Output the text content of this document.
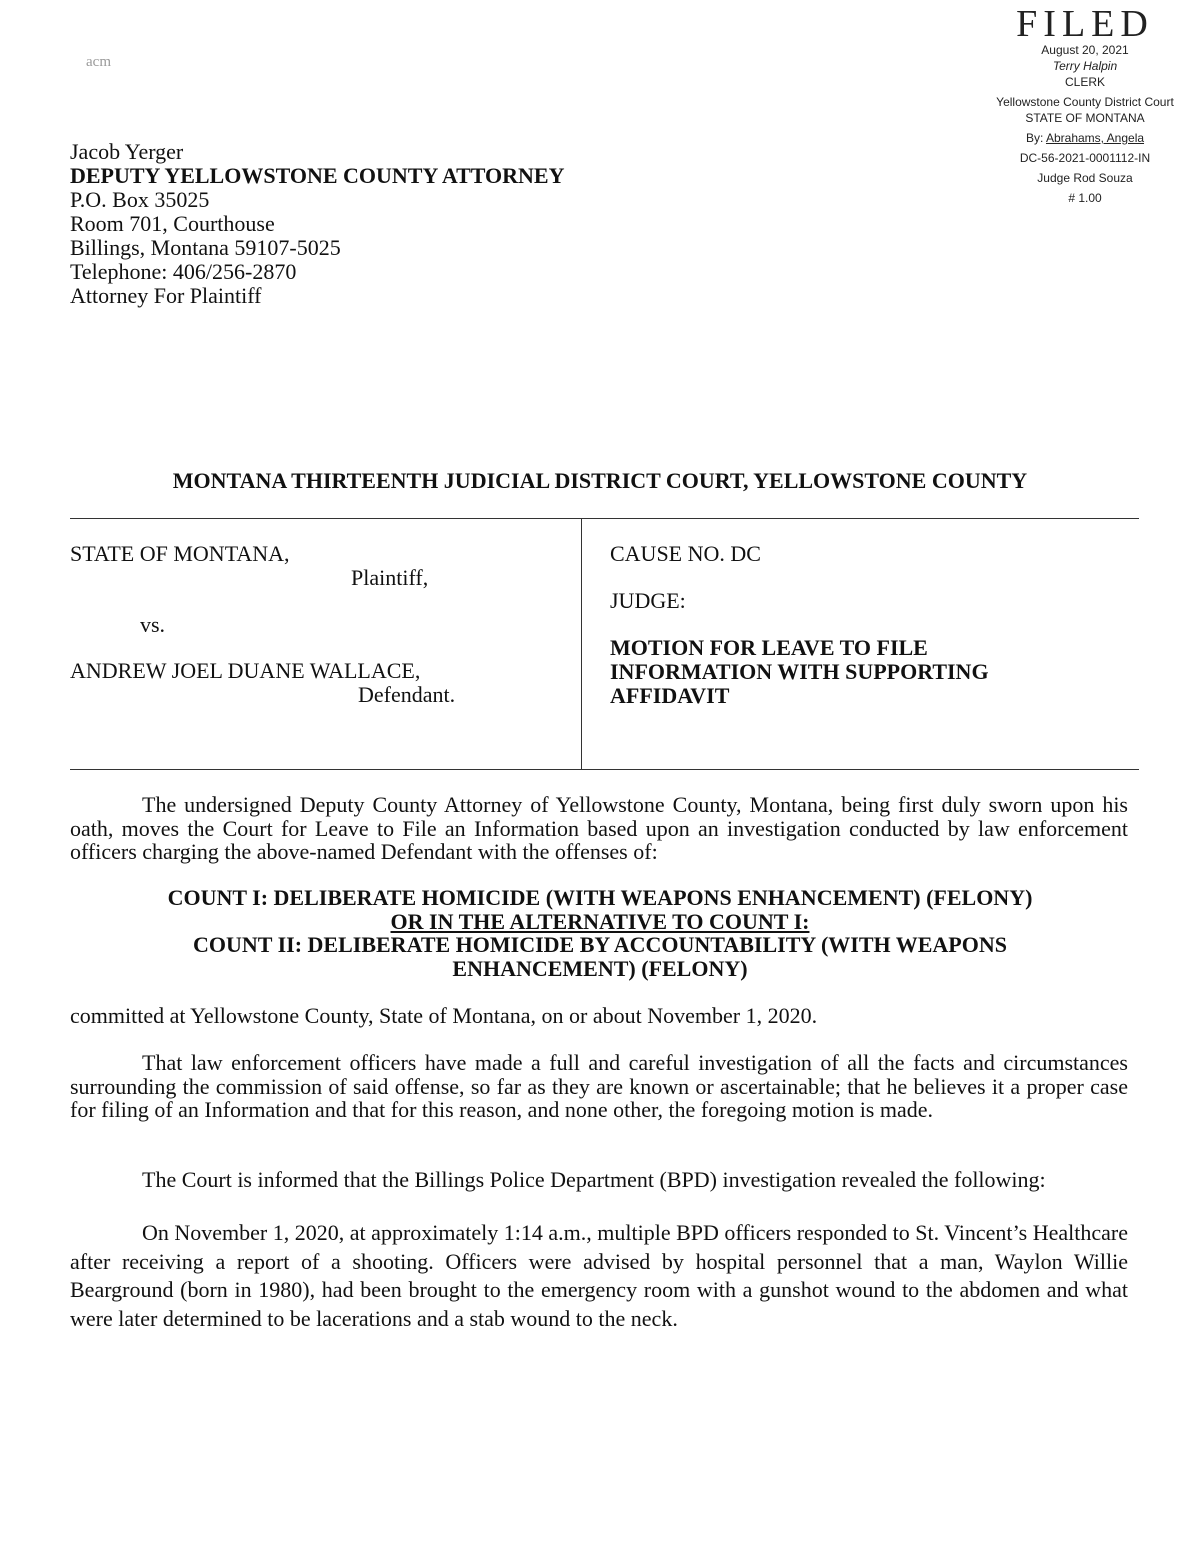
acm
FILED
August 20, 2021
Terry Halpin
CLERK
Yellowstone County District Court
STATE OF MONTANA
By: Abrahams, Angela
DC-56-2021-0001112-IN
Judge Rod Souza
# 1.00
Jacob Yerger
DEPUTY YELLOWSTONE COUNTY ATTORNEY
P.O. Box 35025
Room 701, Courthouse
Billings, Montana 59107-5025
Telephone: 406/256-2870
Attorney For Plaintiff
MONTANA THIRTEENTH JUDICIAL DISTRICT COURT, YELLOWSTONE COUNTY
STATE OF MONTANA,
Plaintiff,
vs.
ANDREW JOEL DUANE WALLACE,
Defendant.
CAUSE NO. DC
JUDGE:
MOTION FOR LEAVE TO FILE
INFORMATION WITH SUPPORTING
AFFIDAVIT
The undersigned Deputy County Attorney of Yellowstone County, Montana, being first duly sworn upon his oath, moves the Court for Leave to File an Information based upon an investigation conducted by law enforcement officers charging the above-named Defendant with the offenses of:
COUNT I: DELIBERATE HOMICIDE (WITH WEAPONS ENHANCEMENT) (FELONY)
OR IN THE ALTERNATIVE TO COUNT I:
COUNT II: DELIBERATE HOMICIDE BY ACCOUNTABILITY (WITH WEAPONS
ENHANCEMENT) (FELONY)
committed at Yellowstone County, State of Montana, on or about November 1, 2020.
That law enforcement officers have made a full and careful investigation of all the facts and circumstances surrounding the commission of said offense, so far as they are known or ascertainable; that he believes it a proper case for filing of an Information and that for this reason, and none other, the foregoing motion is made.
The Court is informed that the Billings Police Department (BPD) investigation revealed the following:
On November 1, 2020, at approximately 1:14 a.m., multiple BPD officers responded to St. Vincent’s Healthcare after receiving a report of a shooting. Officers were advised by hospital personnel that a man, Waylon Willie Bearground (born in 1980), had been brought to the emergency room with a gunshot wound to the abdomen and what were later determined to be lacerations and a stab wound to the neck.
